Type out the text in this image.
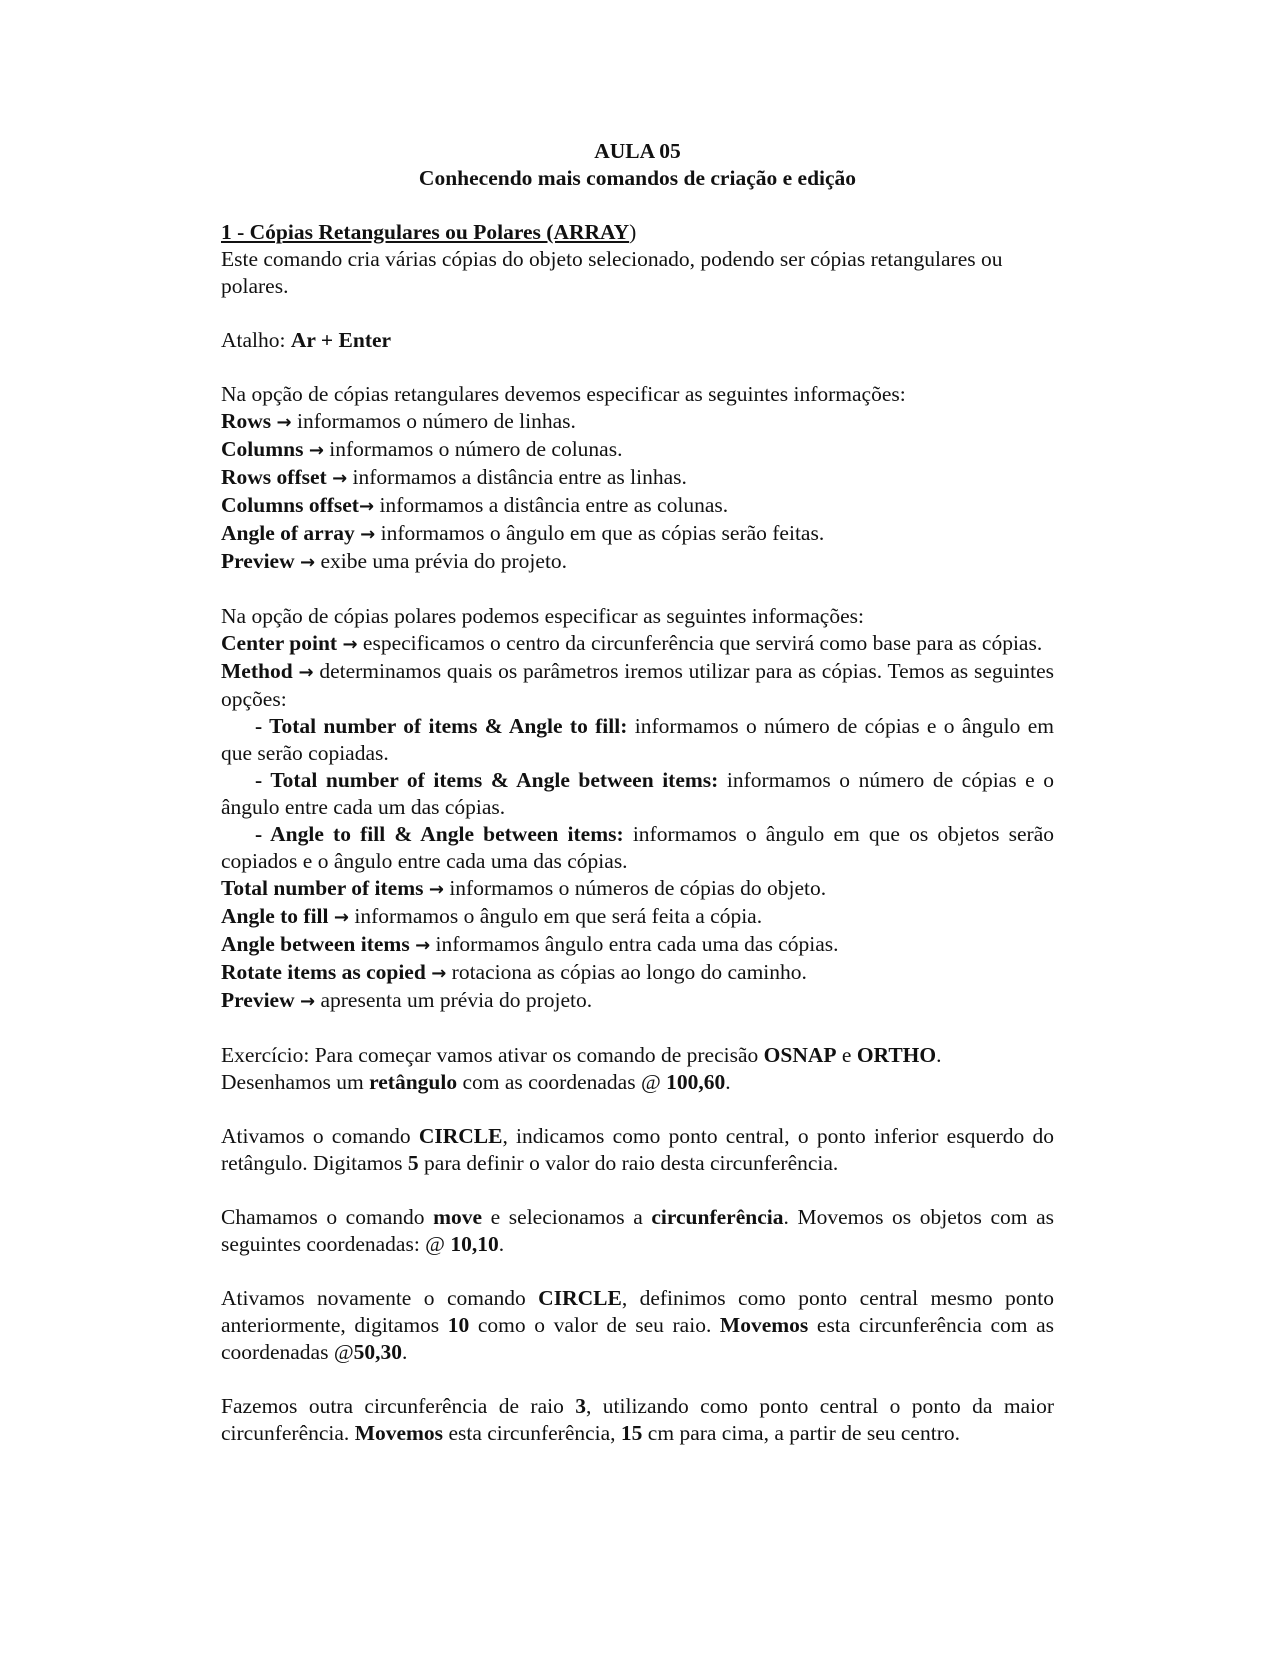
AULA 05

Conhecendo mais comandos de criação e edição

1 - Cópias Retangulares ou Polares (ARRAY)

Este comando cria várias cópias do objeto selecionado, podendo ser cópias retangulares ou polares.

Atalho: Ar + Enter

Na opção de cópias retangulares devemos especificar as seguintes informações:

Rows → informamos o número de linhas.

Columns → informamos o número de colunas.

Rows offset → informamos a distância entre as linhas.

Columns offset→ informamos a distância entre as colunas.

Angle of array → informamos o ângulo em que as cópias serão feitas.

Preview → exibe uma prévia do projeto.

Na opção de cópias polares podemos especificar as seguintes informações:

Center point → especificamos o centro da circunferência que servirá como base para as cópias.

Method → determinamos quais os parâmetros iremos utilizar para as cópias. Temos as seguintes opções:

- Total number of items & Angle to fill: informamos o número de cópias e o ângulo em que serão copiadas.

- Total number of items & Angle between items: informamos o número de cópias e o ângulo entre cada um das cópias.

- Angle to fill & Angle between items: informamos o ângulo em que os objetos serão copiados e o ângulo entre cada uma das cópias.

Total number of items → informamos o números de cópias do objeto.

Angle to fill → informamos o ângulo em que será feita a cópia.

Angle between items → informamos ângulo entra cada uma das cópias.

Rotate items as copied → rotaciona as cópias ao longo do caminho.

Preview → apresenta um prévia do projeto.

Exercício: Para começar vamos ativar os comando de precisão OSNAP e ORTHO.
Desenhamos um retângulo com as coordenadas @ 100,60.

Ativamos o comando CIRCLE, indicamos como ponto central, o ponto inferior esquerdo do retângulo. Digitamos 5 para definir o valor do raio desta circunferência.

Chamamos o comando move e selecionamos a circunferência. Movemos os objetos com as seguintes coordenadas: @ 10,10.

Ativamos novamente o comando CIRCLE, definimos como ponto central mesmo ponto anteriormente, digitamos 10 como o valor de seu raio. Movemos esta circunferência com as coordenadas @50,30.

Fazemos outra circunferência de raio 3, utilizando como ponto central o ponto da maior circunferência. Movemos esta circunferência, 15 cm para cima, a partir de seu centro.
